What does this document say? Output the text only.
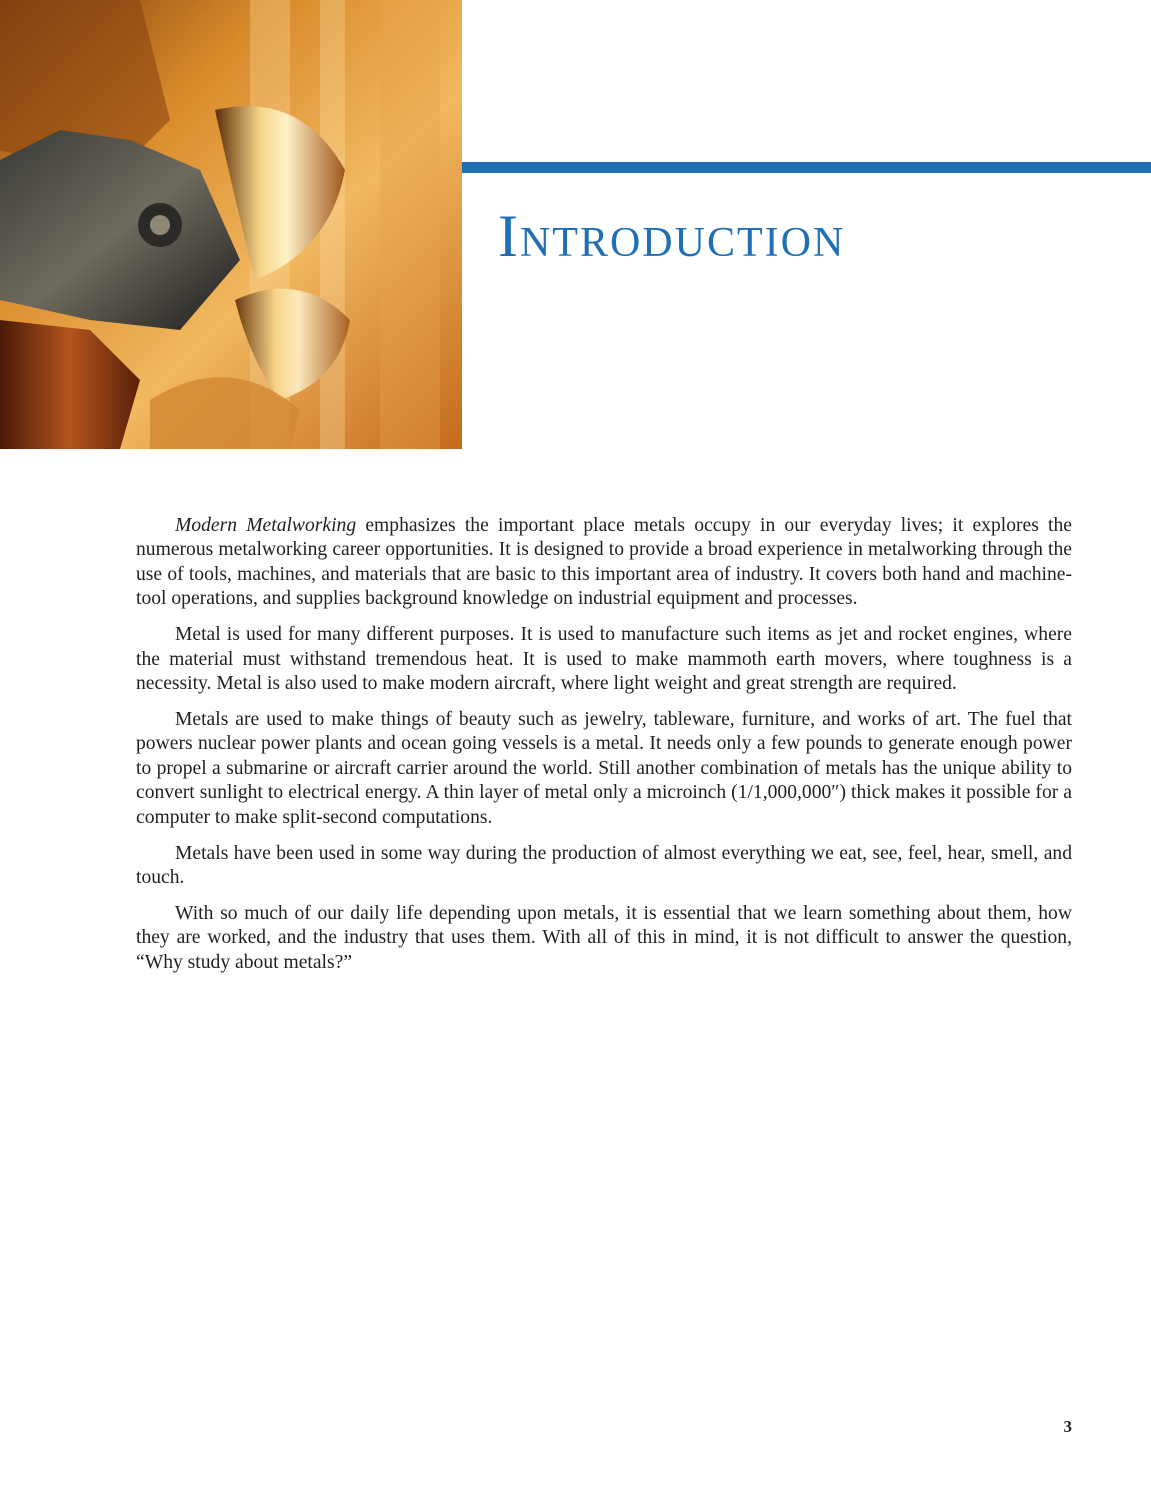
Introduction

Modern Metalworking emphasizes the important place metals occupy in our everyday lives; it explores the numerous metalworking career opportunities. It is designed to provide a broad experience in metalworking through the use of tools, machines, and materials that are basic to this important area of industry. It covers both hand and machine-tool operations, and supplies background knowledge on industrial equipment and processes.

Metal is used for many different purposes. It is used to manufacture such items as jet and rocket engines, where the material must withstand tremendous heat. It is used to make mammoth earth movers, where toughness is a necessity. Metal is also used to make modern aircraft, where light weight and great strength are required.

Metals are used to make things of beauty such as jewelry, tableware, furniture, and works of art. The fuel that powers nuclear power plants and ocean going vessels is a metal. It needs only a few pounds to generate enough power to propel a submarine or aircraft carrier around the world. Still another combination of metals has the unique ability to convert sunlight to electrical energy. A thin layer of metal only a microinch (1/1,000,000″) thick makes it possible for a computer to make split-second computations.

Metals have been used in some way during the production of almost everything we eat, see, feel, hear, smell, and touch.

With so much of our daily life depending upon metals, it is essential that we learn something about them, how they are worked, and the industry that uses them. With all of this in mind, it is not difficult to answer the question, “Why study about metals?”

3
